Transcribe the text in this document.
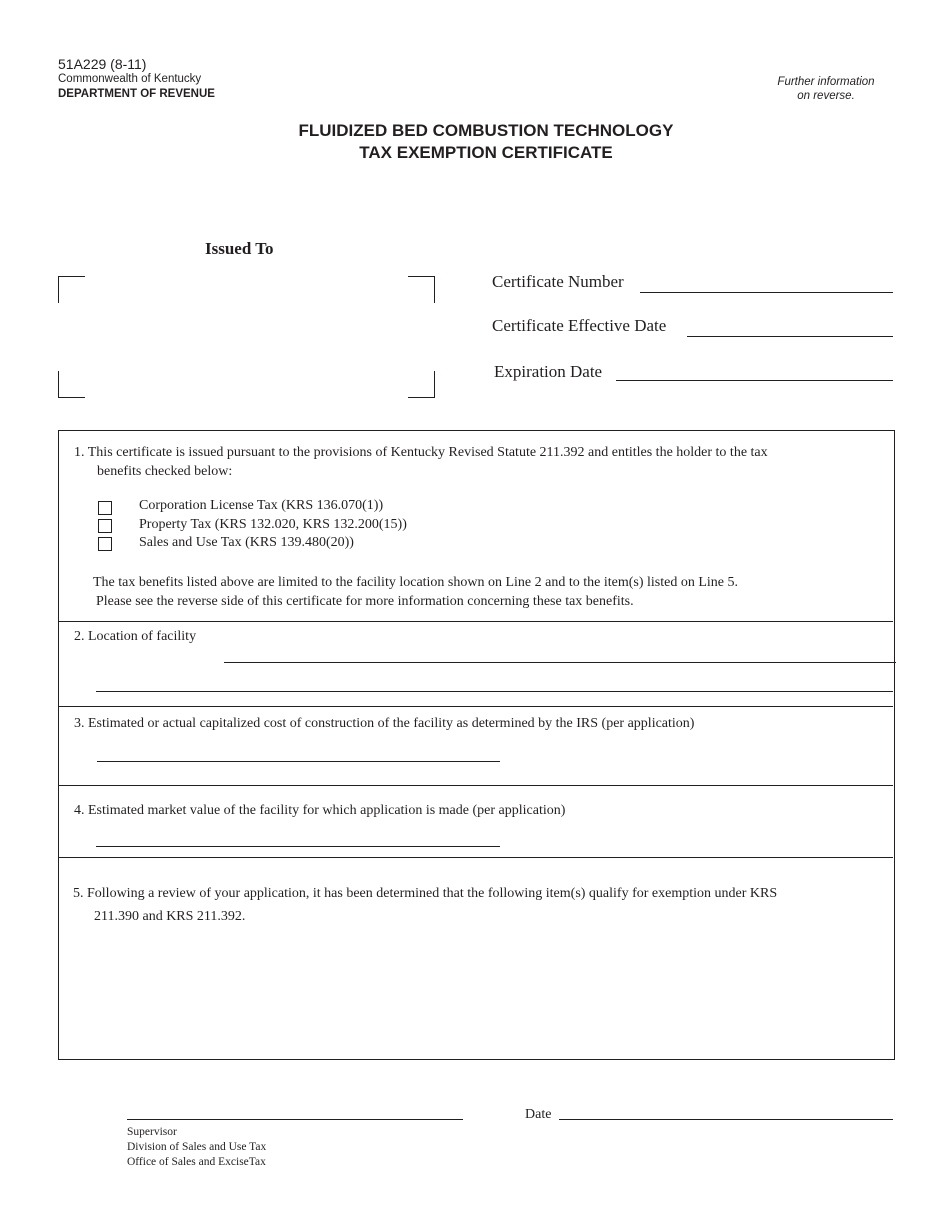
51A229 (8-11)
Commonwealth of Kentucky
DEPARTMENT OF REVENUE
Further information
on reverse.
FLUIDIZED BED COMBUSTION TECHNOLOGY
TAX EXEMPTION CERTIFICATE
Issued To
Certificate Number
Certificate Effective Date
Expiration Date
1. This certificate is issued pursuant to the provisions of Kentucky Revised Statute 211.392 and entitles the holder to the tax
benefits checked below:
Corporation License Tax (KRS 136.070(1))
Property Tax (KRS 132.020, KRS 132.200(15))
Sales and Use Tax (KRS 139.480(20))
The tax benefits listed above are limited to the facility location shown on Line 2 and to the item(s) listed on Line 5.
Please see the reverse side of this certificate for more information concerning these tax benefits.
2. Location of facility
3. Estimated or actual capitalized cost of construction of the facility as determined by the IRS (per application)
4. Estimated market value of the facility for which application is made (per application)
5. Following a review of your application, it has been determined that the following item(s) qualify for exemption under KRS
211.390 and KRS 211.392.
Supervisor
Division of Sales and Use Tax
Office of Sales and ExciseTax
Date
